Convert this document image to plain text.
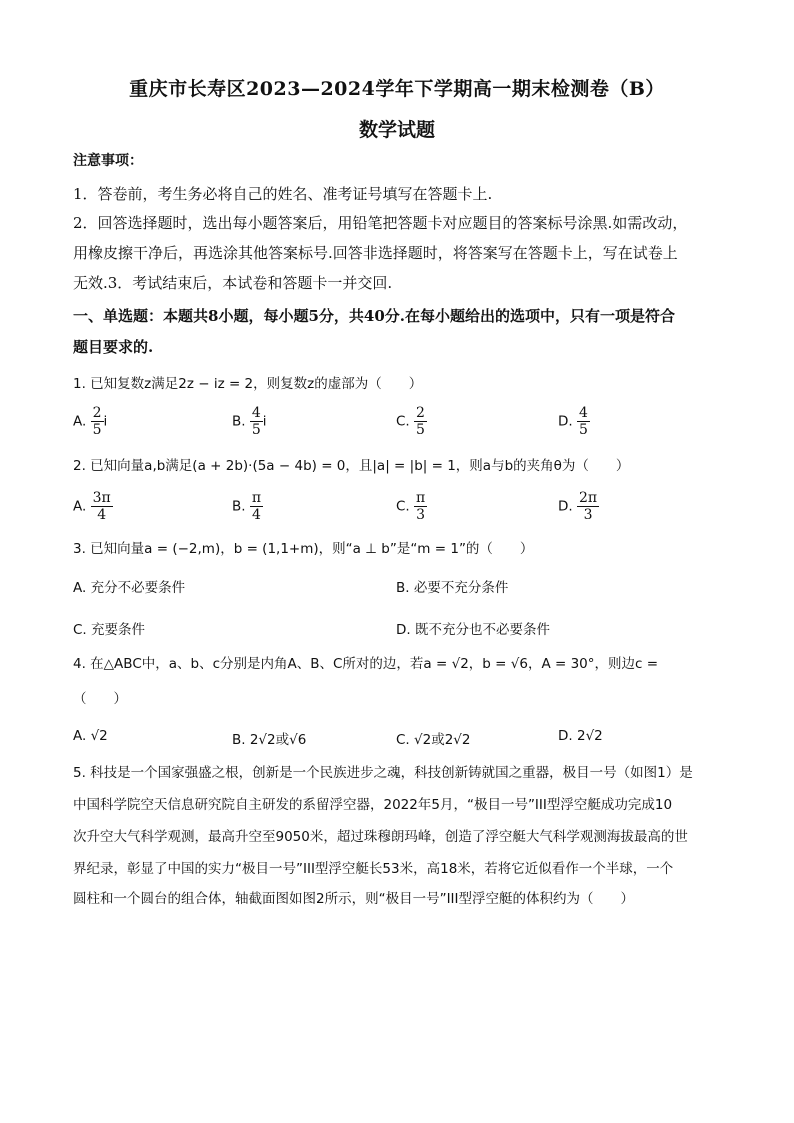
重庆市长寿区2023—2024学年下学期高一期末检测卷（B）
数学试题
注意事项：
1．答卷前，考生务必将自己的姓名、准考证号填写在答题卡上.
2．回答选择题时，选出每小题答案后，用铅笔把答题卡对应题目的答案标号涂黑.如需改动，
用橡皮擦干净后，再选涂其他答案标号.回答非选择题时，将答案写在答题卡上，写在试卷上
无效.3．考试结束后，本试卷和答题卡一并交回.
一、单选题：本题共8小题，每小题5分，共40分.在每小题给出的选项中，只有一项是符合
题目要求的.
1. 已知复数z满足2z − iz = 2，则复数z的虚部为（　　）
A. $\frac{2}{5}$ i	B. $\frac{4}{5}$ i	C. $\frac{2}{5}$	D. $\frac{4}{5}$
2. 已知向量a,b满足(a + 2b)·(5a − 4b) = 0，且|a| = |b| = 1，则a与b的夹角θ为（　　）
A. $\frac{3\pi}{4}$	B. $\frac{\pi}{4}$	C. $\frac{\pi}{3}$	D. $\frac{2\pi}{3}$
3. 已知向量a = (−2,m)，b = (1,1+m)，则“a ⊥ b”是“m = 1”的（　　）
A. 充分不必要条件	B. 必要不充分条件
C. 充要条件	D. 既不充分也不必要条件
4. 在△ABC中，a、b、c分别是内角A、B、C所对的边，若a = √2，b = √6，A = 30°，则边c =
（　　）
A. √2	B. 2√2或√6	C. √2或2√2	D. 2√2
5. 科技是一个国家强盛之根，创新是一个民族进步之魂，科技创新铸就国之重器，极目一号（如图1）是
中国科学院空天信息研究院自主研发的系留浮空器，2022年5月，“极目一号”III型浮空艇成功完成10
次升空大气科学观测，最高升空至9050米，超过珠穆朗玛峰，创造了浮空艇大气科学观测海拔最高的世
界纪录，彰显了中国的实力“极目一号”III型浮空艇长53米，高18米，若将它近似看作一个半球，一个
圆柱和一个圆台的组合体，轴截面图如图2所示，则“极目一号”III型浮空艇的体积约为（　　）
